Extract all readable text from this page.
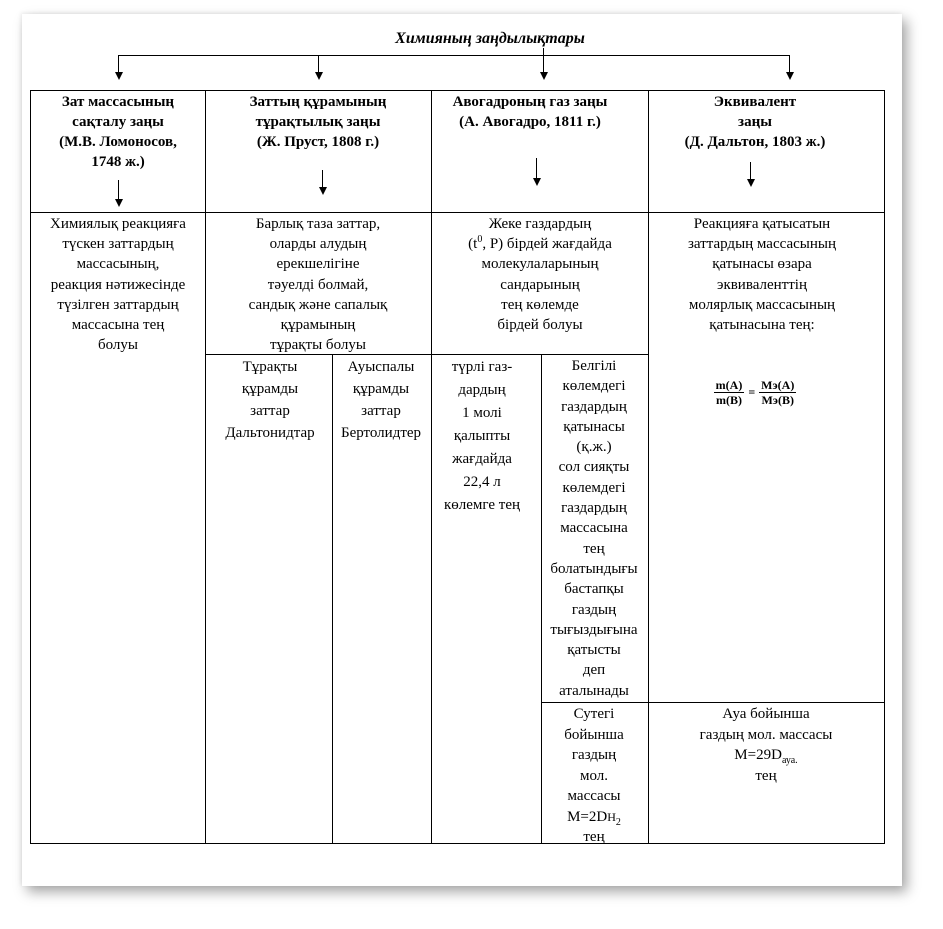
Химияның заңдылықтары
Зат массасының
сақталу заңы
(М.В. Ломоносов,
1748 ж.)
Заттың құрамының
тұрақтылық заңы
(Ж. Пруст, 1808 г.)
Авогадроның газ заңы
(А. Авогадро, 1811 г.)
Эквивалент
заңы
(Д. Дальтон, 1803 ж.)
Химиялық реакцияға
түскен заттардың
массасының,
реакция нәтижесінде
түзілген заттардың
массасына тең
болуы
Барлық таза заттар,
оларды алудың
ерекшелігіне
тәуелді болмай,
сандық және сапалық
құрамының
тұрақты болуы
Жеке газдардың
($t^0$, P) бірдей жағдайда
молекулаларының
сандарының
тең көлемде
бірдей болуы
Реакцияға қатысатын
заттардың массасының
қатынасы өзара
эквиваленттің
молярлық массасының
қатынасына тең:
Тұрақты
құрамды
заттар
Дальтонидтар
Ауыспалы
құрамды
заттар
Бертолидтер
түрлі газ-
дардың
1 молі
қалыпты
жағдайда
22,4 л
көлемге тең
Белгілі
көлемдегі
газдардың
қатынасы
(қ.ж.)
сол сияқты
көлемдегі
газдардың
массасына
тең
болатындығы
бастапқы
газдың
тығыздығына
қатысты
деп
аталынады
Сутегі
бойынша
газдың
мол.
массасы
$M=2DH_2$
тең
Ауа бойынша
газдың мол. массасы
$M=29D_{ауа.}$
тең
$\frac{m(A)}{m(B)} = \frac{Mэ(A)}{Mэ(B)}$
